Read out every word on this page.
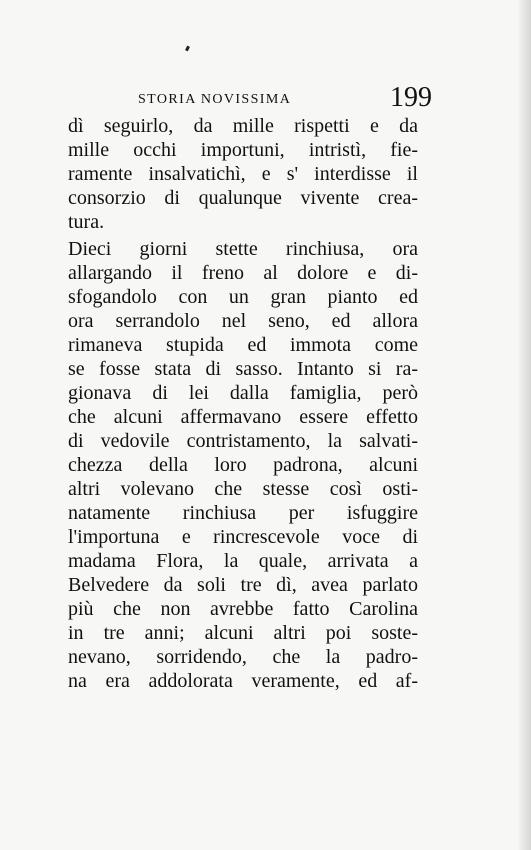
STORIA NOVISSIMA	199
dì seguirlo, da mille rispetti e da
mille occhi importuni, intristì, fie-
ramente insalvatichì, e s' interdisse il
consorzio di qualunque vivente crea-
tura.
Dieci giorni stette rinchiusa, ora
allargando il freno al dolore e di-
sfogandolo con un gran pianto ed
ora serrandolo nel seno, ed allora
rimaneva stupida ed immota come
se fosse stata di sasso. Intanto si ra-
gionava di lei dalla famiglia, però
che alcuni affermavano essere effetto
di vedovile contristamento, la salvati-
chezza della loro padrona, alcuni
altri volevano che stesse così osti-
natamente rinchiusa per isfuggire
l'importuna e rincrescevole voce di
madama Flora, la quale, arrivata a
Belvedere da soli tre dì, avea parlato
più che non avrebbe fatto Carolina
in tre anni; alcuni altri poi soste-
nevano, sorridendo, che la padro-
na era addolorata veramente, ed af-
